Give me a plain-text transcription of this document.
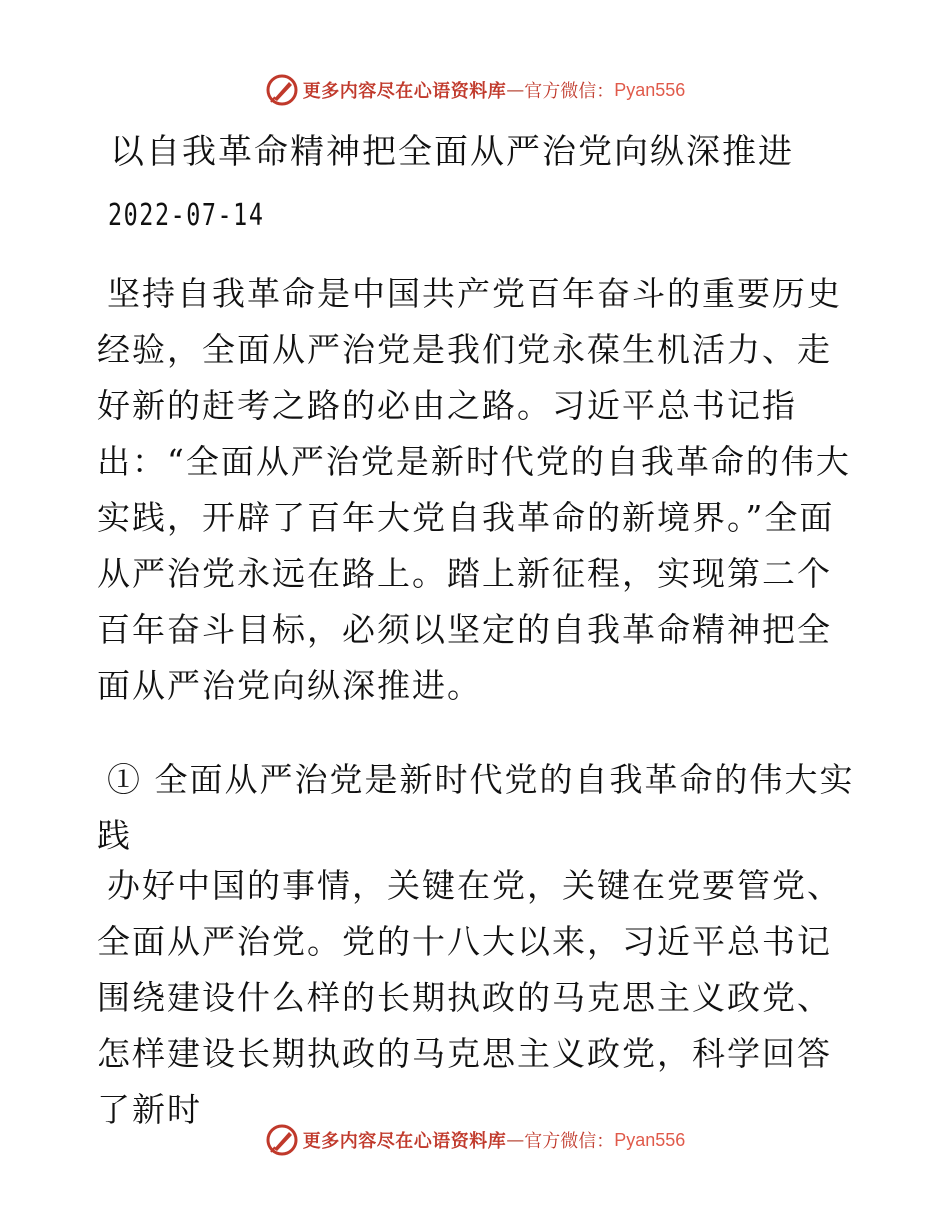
更多内容尽在心语资料库 — 官方微信： Pyan556
以自我革命精神把全面从严治党向纵深推进

2022-07-14

坚持自我革命是中国共产党百年奋斗的重要历史经验，全面从严治党是我们党永葆生机活力、走好新的赶考之路的必由之路。习近平总书记指出：“全面从严治党是新时代党的自我革命的伟大实践，开辟了百年大党自我革命的新境界。”全面从严治党永远在路上。踏上新征程，实现第二个百年奋斗目标，必须以坚定的自我革命精神把全面从严治党向纵深推进。

① 全面从严治党是新时代党的自我革命的伟大实践

办好中国的事情，关键在党，关键在党要管党、全面从严治党。党的十八大以来，习近平总书记围绕建设什么样的长期执政的马克思主义政党、怎样建设长期执政的马克思主义政党，科学回答了新时

更多内容尽在心语资料库 — 官方微信： Pyan556
